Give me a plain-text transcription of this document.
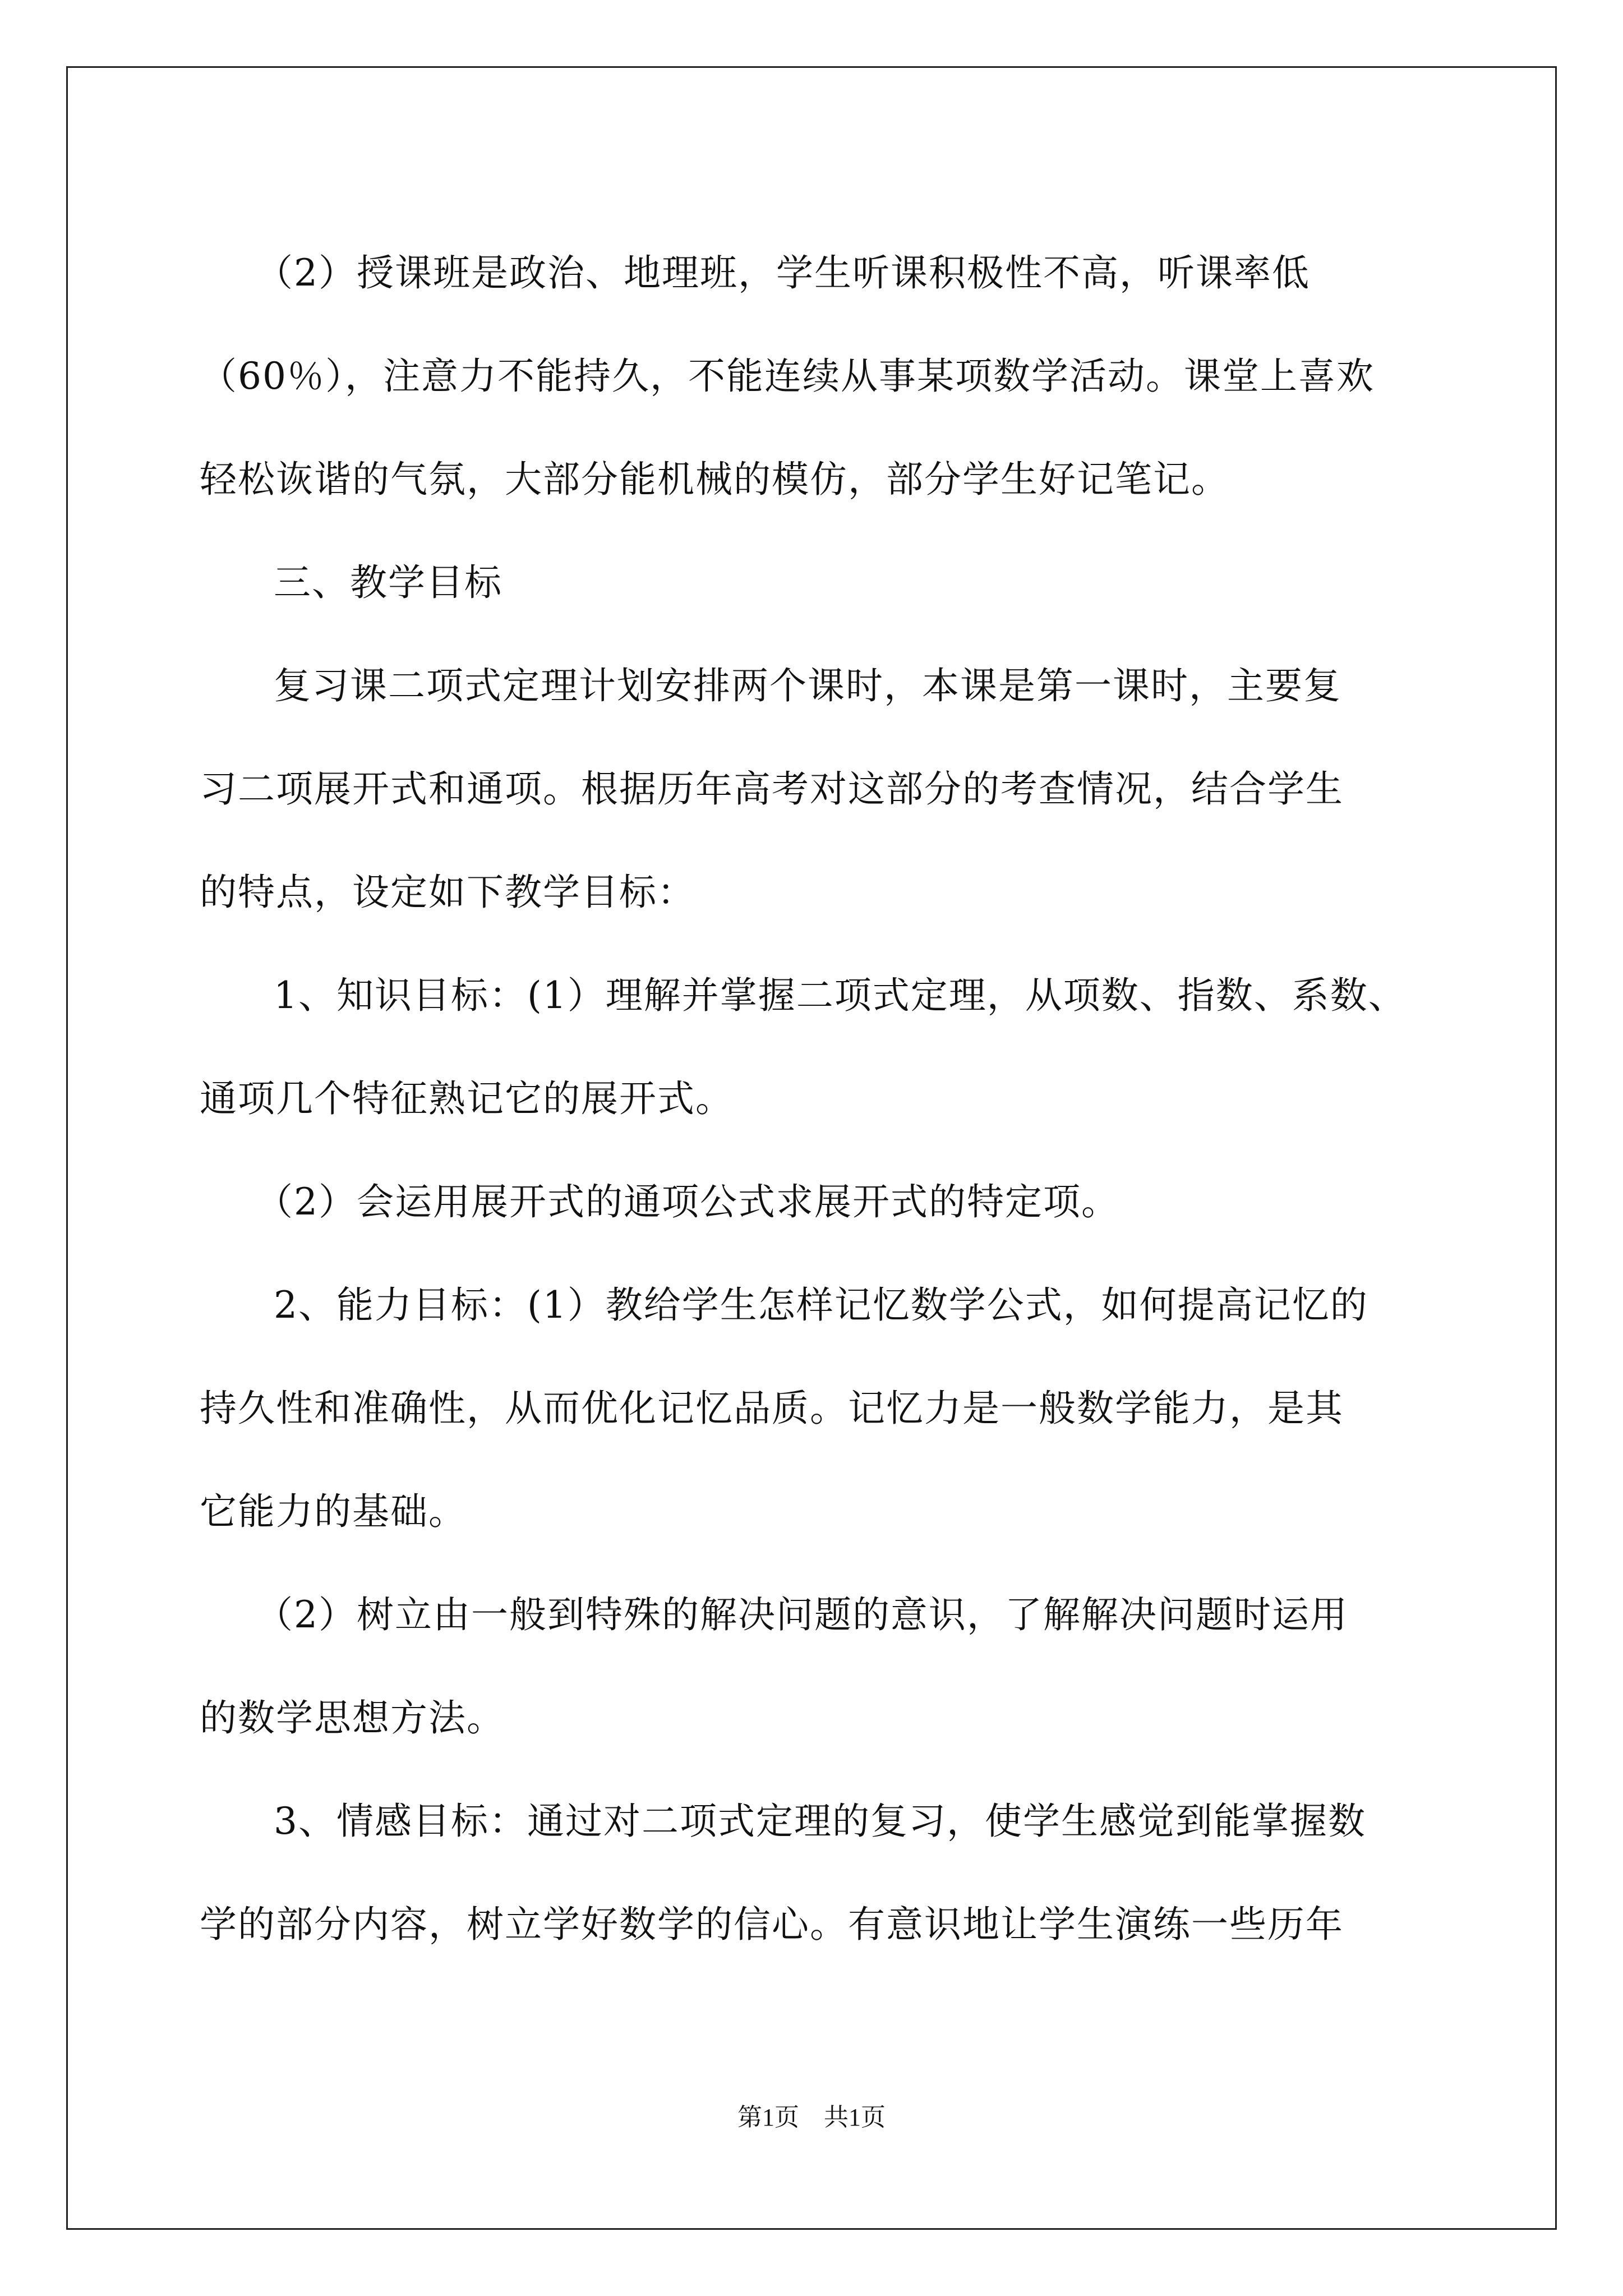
（2）授课班是政治、地理班，学生听课积极性不高，听课率低
（60％），注意力不能持久，不能连续从事某项数学活动。课堂上喜欢
轻松诙谐的气氛，大部分能机械的模仿，部分学生好记笔记。
三、教学目标
复习课二项式定理计划安排两个课时，本课是第一课时，主要复
习二项展开式和通项。根据历年高考对这部分的考查情况，结合学生
的特点，设定如下教学目标：
1、知识目标：(1）理解并掌握二项式定理，从项数、指数、系数、
通项几个特征熟记它的展开式。
（2）会运用展开式的通项公式求展开式的特定项。
2、能力目标：(1）教给学生怎样记忆数学公式，如何提高记忆的
持久性和准确性，从而优化记忆品质。记忆力是一般数学能力，是其
它能力的基础。
（2）树立由一般到特殊的解决问题的意识，了解解决问题时运用
的数学思想方法。
3、情感目标：通过对二项式定理的复习，使学生感觉到能掌握数
学的部分内容，树立学好数学的信心。有意识地让学生演练一些历年
第1页　共1页
